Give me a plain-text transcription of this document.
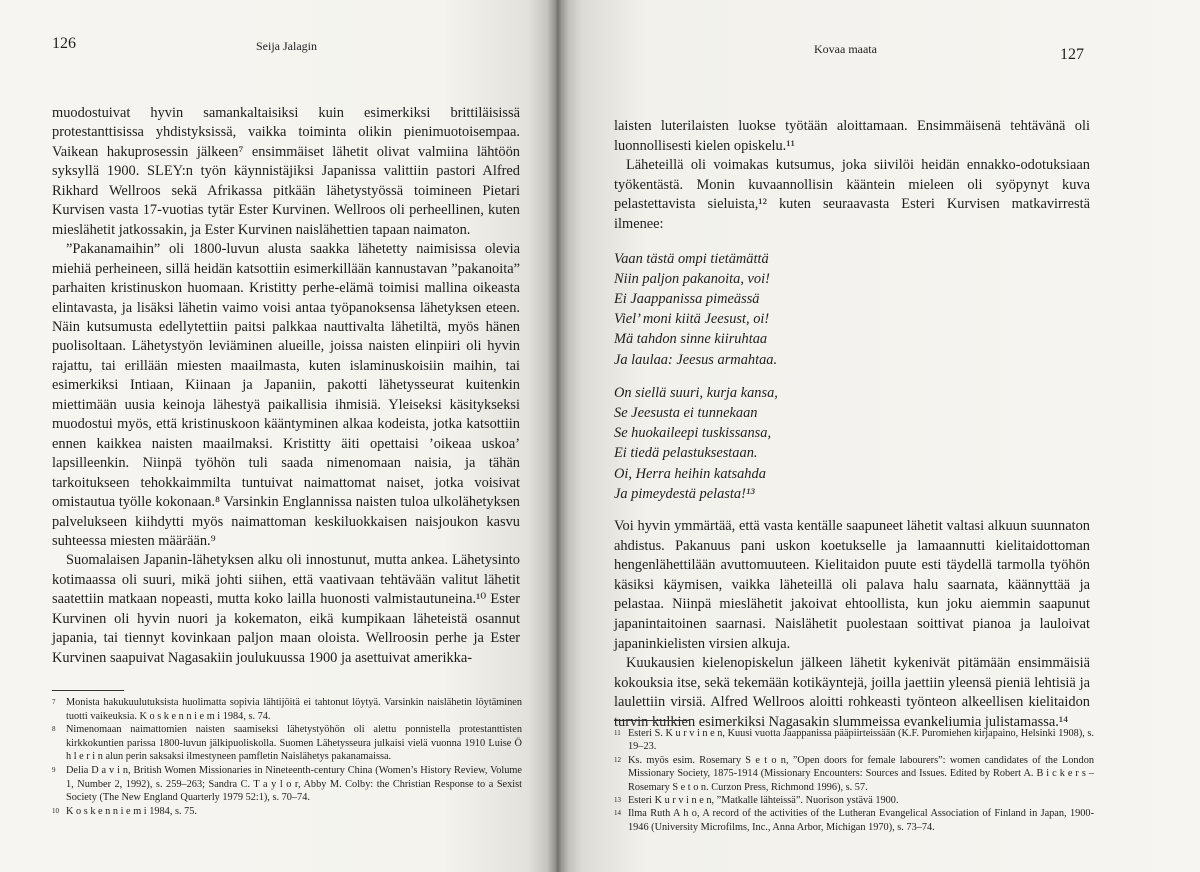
126	Seija Jalagin

muodostuivat hyvin samankaltaisiksi kuin esimerkiksi brittiläisissä protestanttisissa yhdistyksissä, vaikka toiminta olikin pienimuotoisempaa. Vaikean hakuprosessin jälkeen⁷ ensimmäiset lähetit olivat valmiina lähtöön syksyllä 1900. SLEY:n työn käynnistäjiksi Japanissa valittiin pastori Alfred Rikhard Wellroos sekä Afrikassa pitkään lähetystyössä toimineen Pietari Kurvisen vasta 17-vuotias tytär Ester Kurvinen. Wellroos oli perheellinen, kuten mieslähetit jatkossakin, ja Ester Kurvinen naislähettien tapaan naimaton.

”Pakanamaihin” oli 1800-luvun alusta saakka lähetetty naimisissa olevia miehiä perheineen, sillä heidän katsottiin esimerkillään kannustavan ”pakanoita” parhaiten kristinuskon huomaan. Kristitty perhe-elämä toimisi mallina oikeasta elintavasta, ja lisäksi lähetin vaimo voisi antaa työpanoksensa lähetyksen eteen. Näin kutsumusta edellytettiin paitsi palkkaa nauttivalta lähetiltä, myös hänen puolisoltaan. Lähetystyön leviäminen alueille, joissa naisten elinpiiri oli hyvin rajattu, tai erillään miesten maailmasta, kuten islaminuskoisiin maihin, tai esimerkiksi Intiaan, Kiinaan ja Japaniin, pakotti lähetysseurat kuitenkin miettimään uusia keinoja lähestyä paikallisia ihmisiä. Yleiseksi käsitykseksi muodostui myös, että kristinuskoon kääntyminen alkaa kodeista, jotka katsottiin ennen kaikkea naisten maailmaksi. Kristitty äiti opettaisi ’oikeaa uskoa’ lapsilleenkin. Niinpä työhön tuli saada nimenomaan naisia, ja tähän tarkoitukseen tehokkaimmilta tuntuivat naimattomat naiset, jotka voisivat omistautua työlle kokonaan.⁸ Varsinkin Englannissa naisten tuloa ulkolähetyksen palvelukseen kiihdytti myös naimattoman keskiluokkaisen naisjoukon kasvu suhteessa miesten määrään.⁹

Suomalaisen Japanin-lähetyksen alku oli innostunut, mutta ankea. Lähetysinto kotimaassa oli suuri, mikä johti siihen, että vaativaan tehtävään valitut lähetit saatettiin matkaan nopeasti, mutta koko lailla huonosti valmistautuneina.¹⁰ Ester Kurvinen oli hyvin nuori ja kokematon, eikä kumpikaan läheteistä osannut japania, tai tiennyt kovinkaan paljon maan oloista. Wellroosin perhe ja Ester Kurvinen saapuivat Nagasakiin joulukuussa 1900 ja asettuivat amerikka-

7	Monista hakukuulutuksista huolimatta sopivia lähtijöitä ei tahtonut löytyä. Varsinkin naislähetin löytäminen tuotti vaikeuksia. K o s k e n n i e m i 1984, s. 74.
8	Nimenomaan naimattomien naisten saamiseksi lähetystyöhön oli alettu ponnistella protestanttisten kirkkokuntien parissa 1800-luvun jälkipuoliskolla. Suomen Lähetysseura julkaisi vielä vuonna 1910 Luise Ö h l e r i n alun perin saksaksi ilmestyneen pamfletin Naislähetys pakanamaissa.
9	Delia D a v i n, British Women Missionaries in Nineteenth-century China (Women’s History Review, Volume 1, Number 2, 1992), s. 259–263; Sandra C. T a y l o r, Abby M. Colby: the Christian Response to a Sexist Society (The New England Quarterly 1979 52:1), s. 70–74.
10 K o s k e n n i e m i 1984, s. 75.
Kovaa maata	127

laisten luterilaisten luokse työtään aloittamaan. Ensimmäisenä tehtävänä oli luonnollisesti kielen opiskelu.¹¹

Läheteillä oli voimakas kutsumus, joka siivilöi heidän ennakko-odotuksiaan työkentästä. Monin kuvaannollisin kääntein mieleen oli syöpynyt kuva pelastettavista sieluista,¹² kuten seuraavasta Esteri Kurvisen matkavirrestä ilmenee:

Vaan tästä ompi tietämättä
Niin paljon pakanoita, voi!
Ei Jaappanissa pimeässä
Viel’ moni kiitä Jeesust, oi!
Mä tahdon sinne kiiruhtaa
Ja laulaa: Jeesus armahtaa.
On siellä suuri, kurja kansa,
Se Jeesusta ei tunnekaan
Se huokaileepi tuskissansa,
Ei tiedä pelastuksestaan.
Oi, Herra heihin katsahda
Ja pimeydestä pelasta!¹³

Voi hyvin ymmärtää, että vasta kentälle saapuneet lähetit valtasi alkuun suunnaton ahdistus. Pakanuus pani uskon koetukselle ja lamaannutti kielitaidottoman hengenlähettilään avuttomuuteen. Kielitaidon puute esti täydellä tarmolla työhön käsiksi käymisen, vaikka läheteillä oli palava halu saarnata, käännyttää ja pelastaa. Niinpä mieslähetit jakoivat ehtoollista, kun joku aiemmin saapunut japanintaitoinen saarnasi. Naislähetit puolestaan soittivat pianoa ja lauloivat japaninkielisten virsien alkuja.

Kuukausien kielenopiskelun jälkeen lähetit kykenivät pitämään ensimmäisiä kokouksia itse, sekä tekemään kotikäyntejä, joilla jaettiin yleensä pieniä lehtisiä ja laulettiin virsiä. Alfred Wellroos aloitti rohkeasti työnteon alkeellisen kielitaidon turvin kulkien esimerkiksi Nagasakin slummeissa evankeliumia julistamassa.¹⁴

11 Esteri S. K u r v i n e n, Kuusi vuotta Jaappanissa pääpiirteissään (K.F. Puromiehen kirjapaino, Helsinki 1908), s. 19–23.
12 Ks. myös esim. Rosemary S e t o n, ”Open doors for female labourers”: women candidates of the London Missionary Society, 1875-1914 (Missionary Encounters: Sources and Issues. Edited by Robert A. B i c k e r s – Rosemary S e t o n. Curzon Press, Richmond 1996), s. 57.
13 Esteri K u r v i n e n, ”Matkalle lähteissä”. Nuorison ystävä 1900.
14 Ilma Ruth A h o, A record of the activities of the Lutheran Evangelical Association of Finland in Japan, 1900-1946 (University Microfilms, Inc., Anna Arbor, Michigan 1970), s. 73–74.
